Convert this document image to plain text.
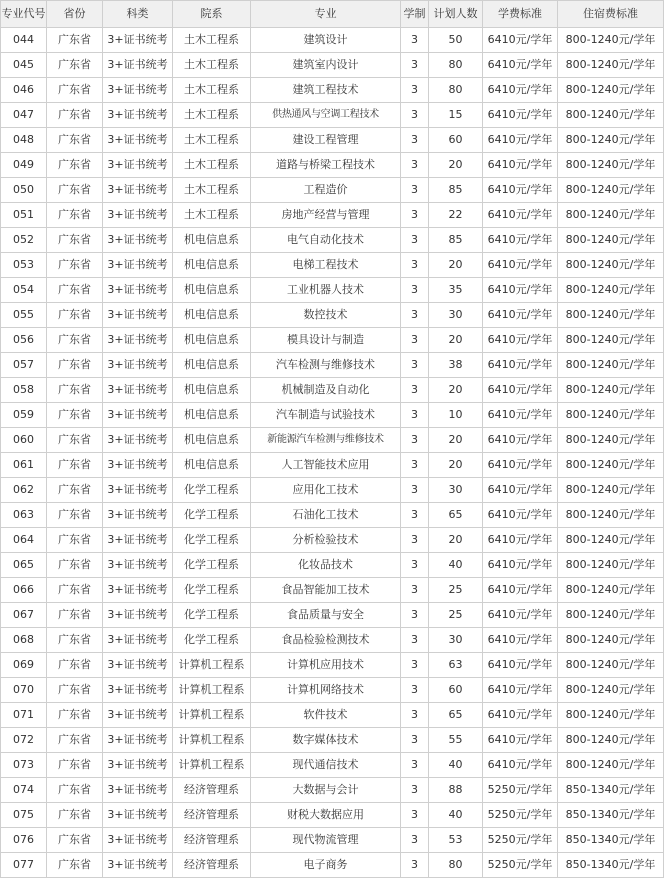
专业代号	省份	科类	院系	专业	学制	计划人数	学费标准	住宿费标准
044	广东省	3+证书统考	土木工程系	建筑设计	3	50	6410元/学年	800-1240元/学年
045	广东省	3+证书统考	土木工程系	建筑室内设计	3	80	6410元/学年	800-1240元/学年
046	广东省	3+证书统考	土木工程系	建筑工程技术	3	80	6410元/学年	800-1240元/学年
047	广东省	3+证书统考	土木工程系	供热通风与空调工程技术	3	15	6410元/学年	800-1240元/学年
048	广东省	3+证书统考	土木工程系	建设工程管理	3	60	6410元/学年	800-1240元/学年
049	广东省	3+证书统考	土木工程系	道路与桥梁工程技术	3	20	6410元/学年	800-1240元/学年
050	广东省	3+证书统考	土木工程系	工程造价	3	85	6410元/学年	800-1240元/学年
051	广东省	3+证书统考	土木工程系	房地产经营与管理	3	22	6410元/学年	800-1240元/学年
052	广东省	3+证书统考	机电信息系	电气自动化技术	3	85	6410元/学年	800-1240元/学年
053	广东省	3+证书统考	机电信息系	电梯工程技术	3	20	6410元/学年	800-1240元/学年
054	广东省	3+证书统考	机电信息系	工业机器人技术	3	35	6410元/学年	800-1240元/学年
055	广东省	3+证书统考	机电信息系	数控技术	3	30	6410元/学年	800-1240元/学年
056	广东省	3+证书统考	机电信息系	模具设计与制造	3	20	6410元/学年	800-1240元/学年
057	广东省	3+证书统考	机电信息系	汽车检测与维修技术	3	38	6410元/学年	800-1240元/学年
058	广东省	3+证书统考	机电信息系	机械制造及自动化	3	20	6410元/学年	800-1240元/学年
059	广东省	3+证书统考	机电信息系	汽车制造与试验技术	3	10	6410元/学年	800-1240元/学年
060	广东省	3+证书统考	机电信息系	新能源汽车检测与维修技术	3	20	6410元/学年	800-1240元/学年
061	广东省	3+证书统考	机电信息系	人工智能技术应用	3	20	6410元/学年	800-1240元/学年
062	广东省	3+证书统考	化学工程系	应用化工技术	3	30	6410元/学年	800-1240元/学年
063	广东省	3+证书统考	化学工程系	石油化工技术	3	65	6410元/学年	800-1240元/学年
064	广东省	3+证书统考	化学工程系	分析检验技术	3	20	6410元/学年	800-1240元/学年
065	广东省	3+证书统考	化学工程系	化妆品技术	3	40	6410元/学年	800-1240元/学年
066	广东省	3+证书统考	化学工程系	食品智能加工技术	3	25	6410元/学年	800-1240元/学年
067	广东省	3+证书统考	化学工程系	食品质量与安全	3	25	6410元/学年	800-1240元/学年
068	广东省	3+证书统考	化学工程系	食品检验检测技术	3	30	6410元/学年	800-1240元/学年
069	广东省	3+证书统考	计算机工程系	计算机应用技术	3	63	6410元/学年	800-1240元/学年
070	广东省	3+证书统考	计算机工程系	计算机网络技术	3	60	6410元/学年	800-1240元/学年
071	广东省	3+证书统考	计算机工程系	软件技术	3	65	6410元/学年	800-1240元/学年
072	广东省	3+证书统考	计算机工程系	数字媒体技术	3	55	6410元/学年	800-1240元/学年
073	广东省	3+证书统考	计算机工程系	现代通信技术	3	40	6410元/学年	800-1240元/学年
074	广东省	3+证书统考	经济管理系	大数据与会计	3	88	5250元/学年	850-1340元/学年
075	广东省	3+证书统考	经济管理系	财税大数据应用	3	40	5250元/学年	850-1340元/学年
076	广东省	3+证书统考	经济管理系	现代物流管理	3	53	5250元/学年	850-1340元/学年
077	广东省	3+证书统考	经济管理系	电子商务	3	80	5250元/学年	850-1340元/学年
